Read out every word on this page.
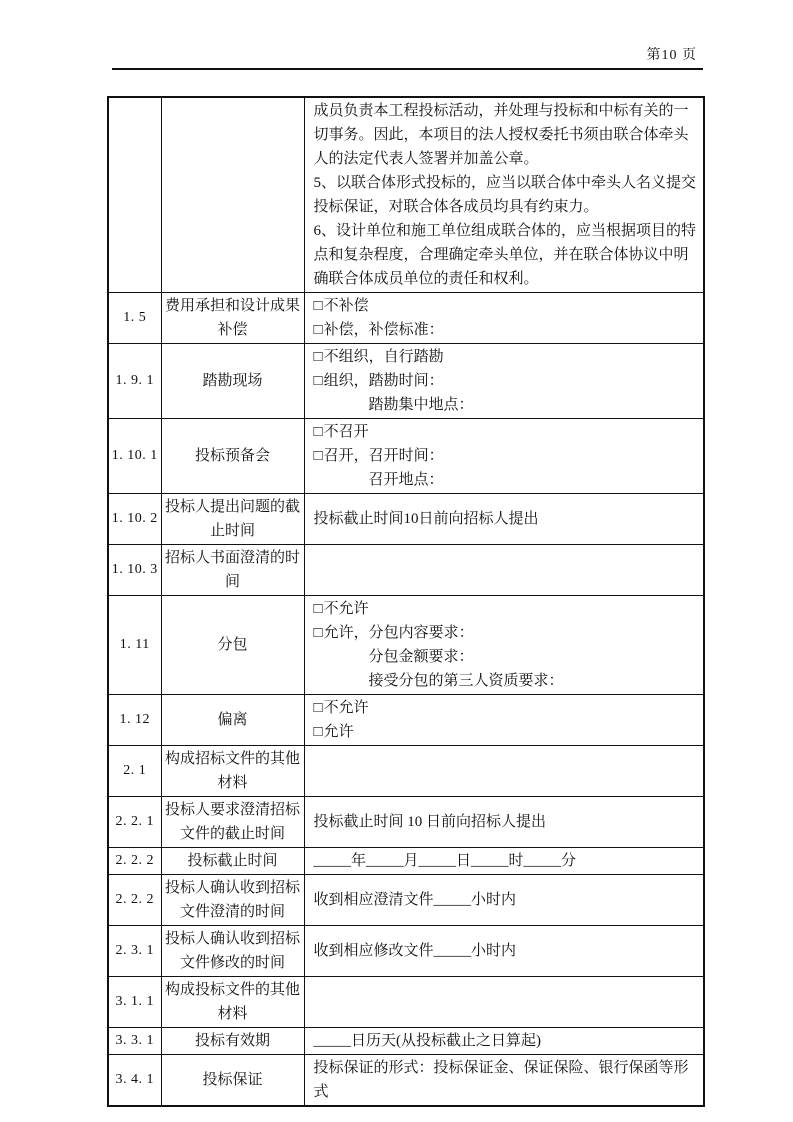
第10 页

		成员负责本工程投标活动，并处理与投标和中标有关的一切事务。因此，本项目的法人授权委托书须由联合体牵头人的法定代表人签署并加盖公章。
5、以联合体形式投标的，应当以联合体中牵头人名义提交投标保证，对联合体各成员均具有约束力。
6、设计单位和施工单位组成联合体的，应当根据项目的特点和复杂程度，合理确定牵头单位，并在联合体协议中明确联合体成员单位的责任和权利。

1. 5	费用承担和设计成果补偿	□不补偿
□补偿，补偿标准：

1. 9. 1	踏勘现场	□不组织，自行踏勘
□组织，踏勘时间：
踏勘集中地点：

1. 10. 1	投标预备会	□不召开
□召开，召开时间：
召开地点：

1. 10. 2	投标人提出问题的截止时间	投标截止时间10日前向招标人提出

1. 10. 3	招标人书面澄清的时间	
1. 11	分包	□不允许
□允许，分包内容要求：
分包金额要求：
接受分包的第三人资质要求：

1. 12	偏离	□不允许
□允许

2. 1	构成招标文件的其他材料	
2. 2. 1	投标人要求澄清招标文件的截止时间	投标截止时间 10 日前向招标人提出

2. 2. 2	投标截止时间	_____年_____月_____日_____时_____分

2. 2. 2	投标人确认收到招标文件澄清的时间	收到相应澄清文件_____小时内

2. 3. 1	投标人确认收到招标文件修改的时间	收到相应修改文件_____小时内

3. 1. 1	构成投标文件的其他材料	
3. 3. 1	投标有效期	_____日历天(从投标截止之日算起)

3. 4. 1	投标保证	投标保证的形式：投标保证金、保证保险、银行保函等形式
